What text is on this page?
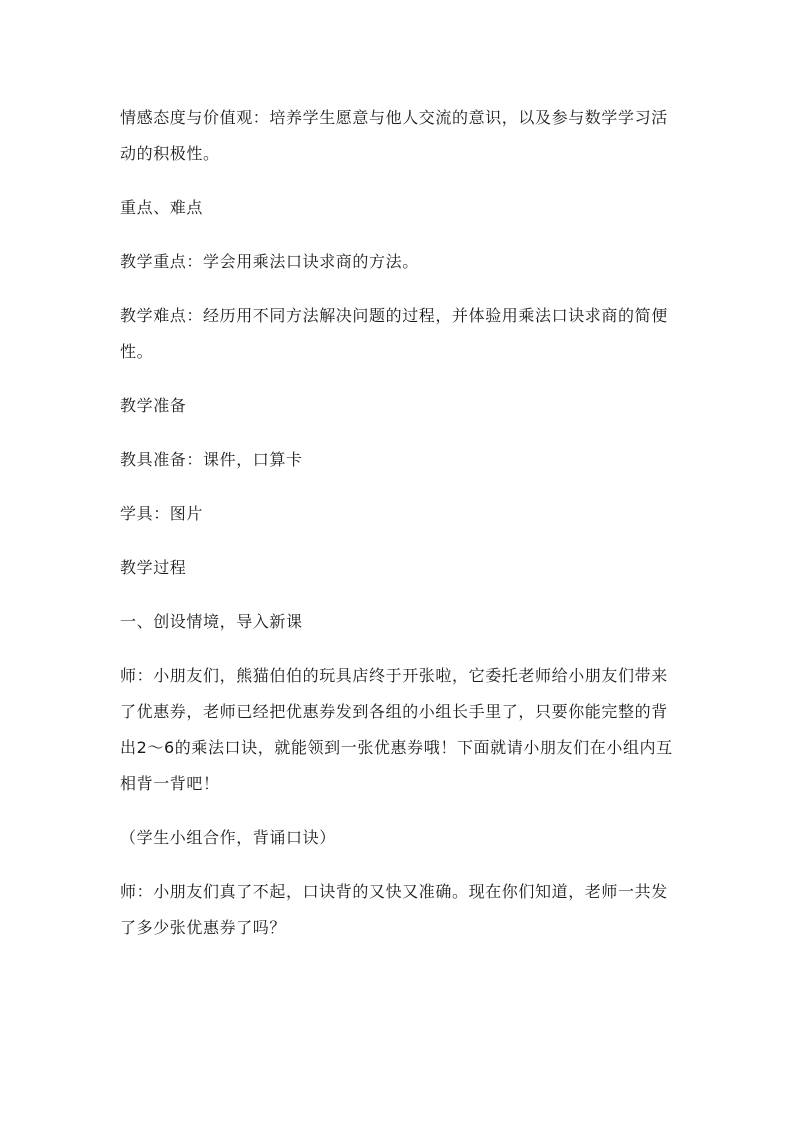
情感态度与价值观：培养学生愿意与他人交流的意识，以及参与数学学习活动的积极性。

重点、难点

教学重点：学会用乘法口诀求商的方法。

教学难点：经历用不同方法解决问题的过程，并体验用乘法口诀求商的简便性。

教学准备

教具准备：课件，口算卡

学具：图片

教学过程

一、创设情境，导入新课

师：小朋友们，熊猫伯伯的玩具店终于开张啦，它委托老师给小朋友们带来了优惠券，老师已经把优惠券发到各组的小组长手里了，只要你能完整的背出2～6的乘法口诀，就能领到一张优惠券哦！下面就请小朋友们在小组内互相背一背吧！

（学生小组合作，背诵口诀）

师：小朋友们真了不起，口诀背的又快又准确。现在你们知道，老师一共发了多少张优惠券了吗？
